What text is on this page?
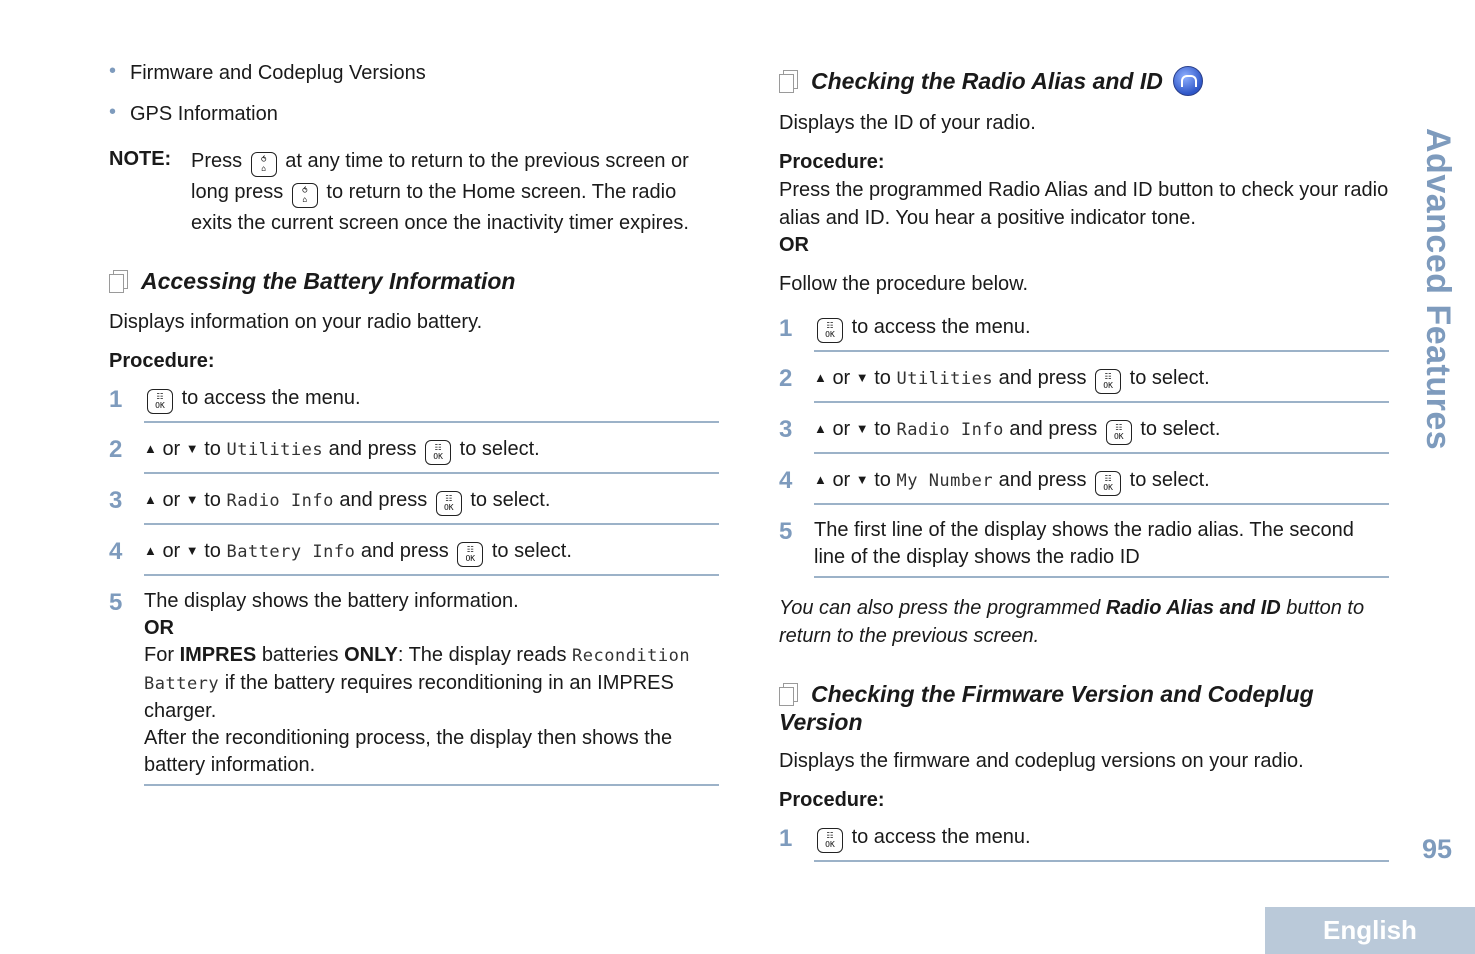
• Firmware and Codeplug Versions
• GPS Information
NOTE: Press ⥀
⌂ at any time to return to the previous screen or long press ⥀
⌂ to return to the Home screen. The radio exits the current screen once the inactivity timer expires.
Accessing the Battery Information

Displays information on your radio battery.

Procedure:

1	☷
OK to access the menu.
2	▲ or ▼ to Utilities and press ☷
OK to select.
3	▲ or ▼ to Radio Info and press ☷
OK to select.
4	▲ or ▼ to Battery Info and press ☷
OK to select.
5	The display shows the battery information.
OR
For IMPRES batteries ONLY: The display reads Recondition Battery if the battery requires reconditioning in an IMPRES charger.
After the reconditioning process, the display then shows the battery information.
Checking the Radio Alias and ID

Displays the ID of your radio.

Procedure:

Press the programmed Radio Alias and ID button to check your radio alias and ID. You hear a positive indicator tone.

OR

Follow the procedure below.

1	☷
OK to access the menu.
2	▲ or ▼ to Utilities and press ☷
OK to select.
3	▲ or ▼ to Radio Info and press ☷
OK to select.
4	▲ or ▼ to My Number and press ☷
OK to select.
5	The first line of the display shows the radio alias. The second line of the display shows the radio ID

You can also press the programmed Radio Alias and ID button to return to the previous screen.

Checking the Firmware Version and Codeplug Version

Displays the firmware and codeplug versions on your radio.

Procedure:

1	☷
OK to access the menu.
Advanced Features
95
English
